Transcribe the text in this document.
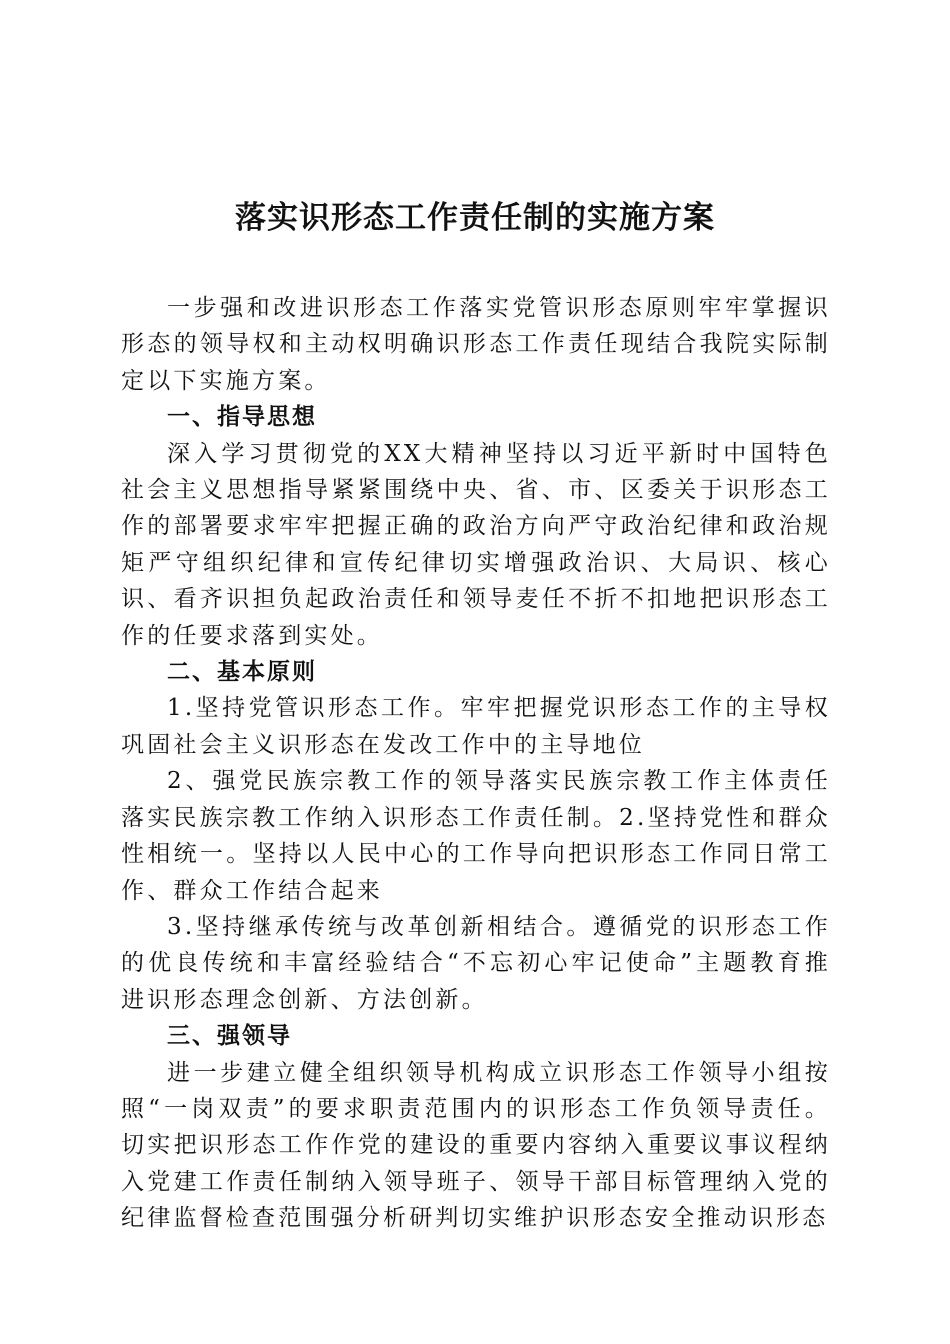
落实识形态工作责任制的实施方案

一步强和改进识形态工作落实党管识形态原则牢牢掌握识形态的领导权和主动权明确识形态工作责任现结合我院实际制定以下实施方案。

一、指导思想

深入学习贯彻党的XX大精神坚持以习近平新时中国特色社会主义思想指导紧紧围绕中央、省、市、区委关于识形态工作的部署要求牢牢把握正确的政治方向严守政治纪律和政治规矩严守组织纪律和宣传纪律切实增强政治识、大局识、核心识、看齐识担负起政治责任和领导麦任不折不扣地把识形态工作的任要求落到实处。

二、基本原则

1.坚持党管识形态工作。牢牢把握党识形态工作的主导权巩固社会主义识形态在发改工作中的主导地位

2、强党民族宗教工作的领导落实民族宗教工作主体责任落实民族宗教工作纳入识形态工作责任制。2.坚持党性和群众性相统一。坚持以人民中心的工作导向把识形态工作同日常工作、群众工作结合起来

3.坚持继承传统与改革创新相结合。遵循党的识形态工作的优良传统和丰富经验结合“不忘初心牢记使命”主题教育推进识形态理念创新、方法创新。

三、强领导

进一步建立健全组织领导机构成立识形态工作领导小组按照“一岗双责”的要求职责范围内的识形态工作负领导责任。切实把识形态工作作党的建设的重要内容纳入重要议事议程纳入党建工作责任制纳入领导班子、领导干部目标管理纳入党的纪律监督检查范围强分析研判切实维护识形态安全推动识形态
